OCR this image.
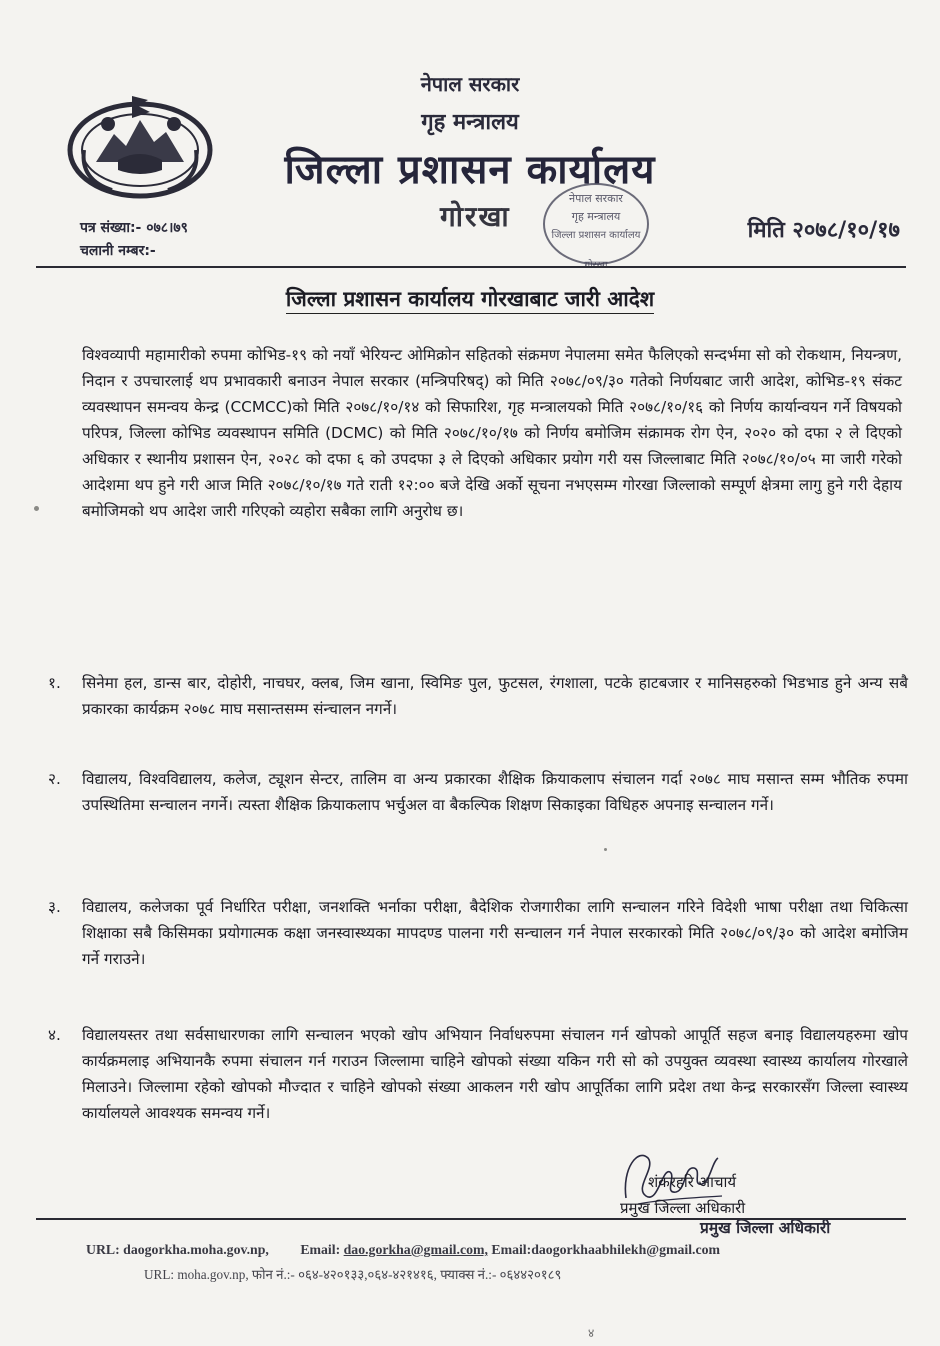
नेपाल सरकार
गृह मन्त्रालय
जिल्ला प्रशासन कार्यालय
गोरखा
नेपाल सरकार
गृह मन्त्रालय
जिल्ला प्रशासन कार्यालय
गोरखा
पत्र संख्या:- ०७८।७९
चलानी नम्बर:-
मिति २०७८/१०/१७
जिल्ला प्रशासन कार्यालय गोरखाबाट जारी आदेश
विश्वव्यापी महामारीको रुपमा कोभिड-१९ को नयाँ भेरियन्ट ओमिक्रोन सहितको संक्रमण नेपालमा समेत फैलिएको सन्दर्भमा सो को रोकथाम, नियन्त्रण, निदान र उपचारलाई थप प्रभावकारी बनाउन नेपाल सरकार (मन्त्रिपरिषद्) को मिति २०७८/०९/३० गतेको निर्णयबाट जारी आदेश, कोभिड-१९ संकट व्यवस्थापन समन्वय केन्द्र (CCMCC)को मिति २०७८/१०/१४ को सिफारिश, गृह मन्त्रालयको मिति २०७८/१०/१६ को निर्णय कार्यान्वयन गर्ने विषयको परिपत्र, जिल्ला कोभिड व्यवस्थापन समिति (DCMC) को मिति २०७८/१०/१७ को निर्णय बमोजिम संक्रामक रोग ऐन, २०२० को दफा २ ले दिएको अधिकार र स्थानीय प्रशासन ऐन, २०२८ को दफा ६ को उपदफा ३ ले दिएको अधिकार प्रयोग गरी यस जिल्लाबाट मिति २०७८/१०/०५ मा जारी गरेको आदेशमा थप हुने गरी आज मिति २०७८/१०/१७ गते राती १२:०० बजे देखि अर्को सूचना नभएसम्म गोरखा जिल्लाको सम्पूर्ण क्षेत्रमा लागु हुने गरी देहाय बमोजिमको थप आदेश जारी गरिएको व्यहोरा सबैका लागि अनुरोध छ।
१. सिनेमा हल, डान्स बार, दोहोरी, नाचघर, क्लब, जिम खाना, स्विमिङ पुल, फुटसल, रंगशाला, पटके हाटबजार र मानिसहरुको भिडभाड हुने अन्य सबै प्रकारका कार्यक्रम २०७८ माघ मसान्तसम्म संन्चालन नगर्ने।
२. विद्यालय, विश्वविद्यालय, कलेज, ट्यूशन सेन्टर, तालिम वा अन्य प्रकारका शैक्षिक क्रियाकलाप संचालन गर्दा २०७८ माघ मसान्त सम्म भौतिक रुपमा उपस्थितिमा सन्चालन नगर्ने। त्यस्ता शैक्षिक क्रियाकलाप भर्चुअल वा बैकल्पिक शिक्षण सिकाइका विधिहरु अपनाइ सन्चालन गर्ने।
३. विद्यालय, कलेजका पूर्व निर्धारित परीक्षा, जनशक्ति भर्नाका परीक्षा, बैदेशिक रोजगारीका लागि सन्चालन गरिने विदेशी भाषा परीक्षा तथा चिकित्सा शिक्षाका सबै किसिमका प्रयोगात्मक कक्षा जनस्वास्थ्यका मापदण्ड पालना गरी सन्चालन गर्न नेपाल सरकारको मिति २०७८/०९/३० को आदेश बमोजिम गर्ने गराउने।
४. विद्यालयस्तर तथा सर्वसाधारणका लागि सन्चालन भएको खोप अभियान निर्वाधरुपमा संचालन गर्न खोपको आपूर्ति सहज बनाइ विद्यालयहरुमा खोप कार्यक्रमलाइ अभियानकै रुपमा संचालन गर्न गराउन जिल्लामा चाहिने खोपको संख्या यकिन गरी सो को उपयुक्त व्यवस्था स्वास्थ्य कार्यालय गोरखाले मिलाउने। जिल्लामा रहेको खोपको मौज्दात र चाहिने खोपको संख्या आकलन गरी खोप आपूर्तिका लागि प्रदेश तथा केन्द्र सरकारसँग जिल्ला स्वास्थ्य कार्यालयले आवश्यक समन्वय गर्ने।
शंकरहरि आचार्य
प्रमुख जिल्ला अधिकारी
प्रमुख जिल्ला अधिकारी
URL: daogorkha.moha.gov.np, Email: dao.gorkha@gmail.com, Email:daogorkhaabhilekh@gmail.com
URL: moha.gov.np, फोन नं.:- ०६४-४२०१३३,०६४-४२१४१६, फ्याक्स नं.:- ०६४४२०१८९
४
